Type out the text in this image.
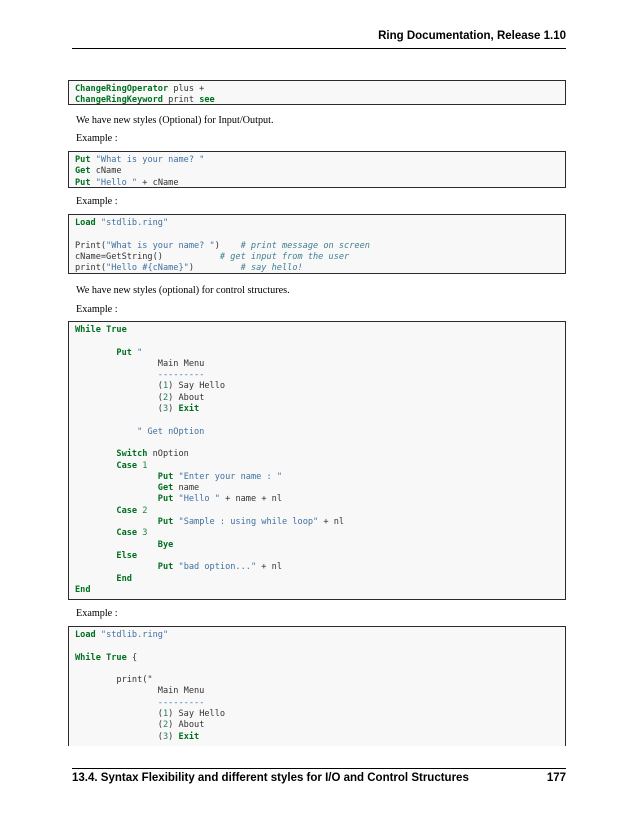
Ring Documentation, Release 1.10
ChangeRingOperator plus +
ChangeRingKeyword print see
We have new styles (Optional) for Input/Output.
Example :
Put "What is your name? "
Get cName
Put "Hello " + cName
Example :
Load "stdlib.ring"

Print("What is your name? ")    # print message on screen
cName=GetString()           # get input from the user
print("Hello #{cName}")         # say hello!
We have new styles (optional) for control structures.
Example :
While True

Put "
Main Menu
---------
(1) Say Hello
(2) About
(3) Exit

" Get nOption

Switch nOption
Case 1
Put "Enter your name : "
Get name
Put "Hello " + name + nl
Case 2
Put "Sample : using while loop" + nl
Case 3
Bye
Else
Put "bad option..." + nl
End
End
Example :
Load "stdlib.ring"

While True {

print("
Main Menu
---------
(1) Say Hello
(2) About
(3) Exit
13.4. Syntax Flexibility and different styles for I/O and Control Structures	177
